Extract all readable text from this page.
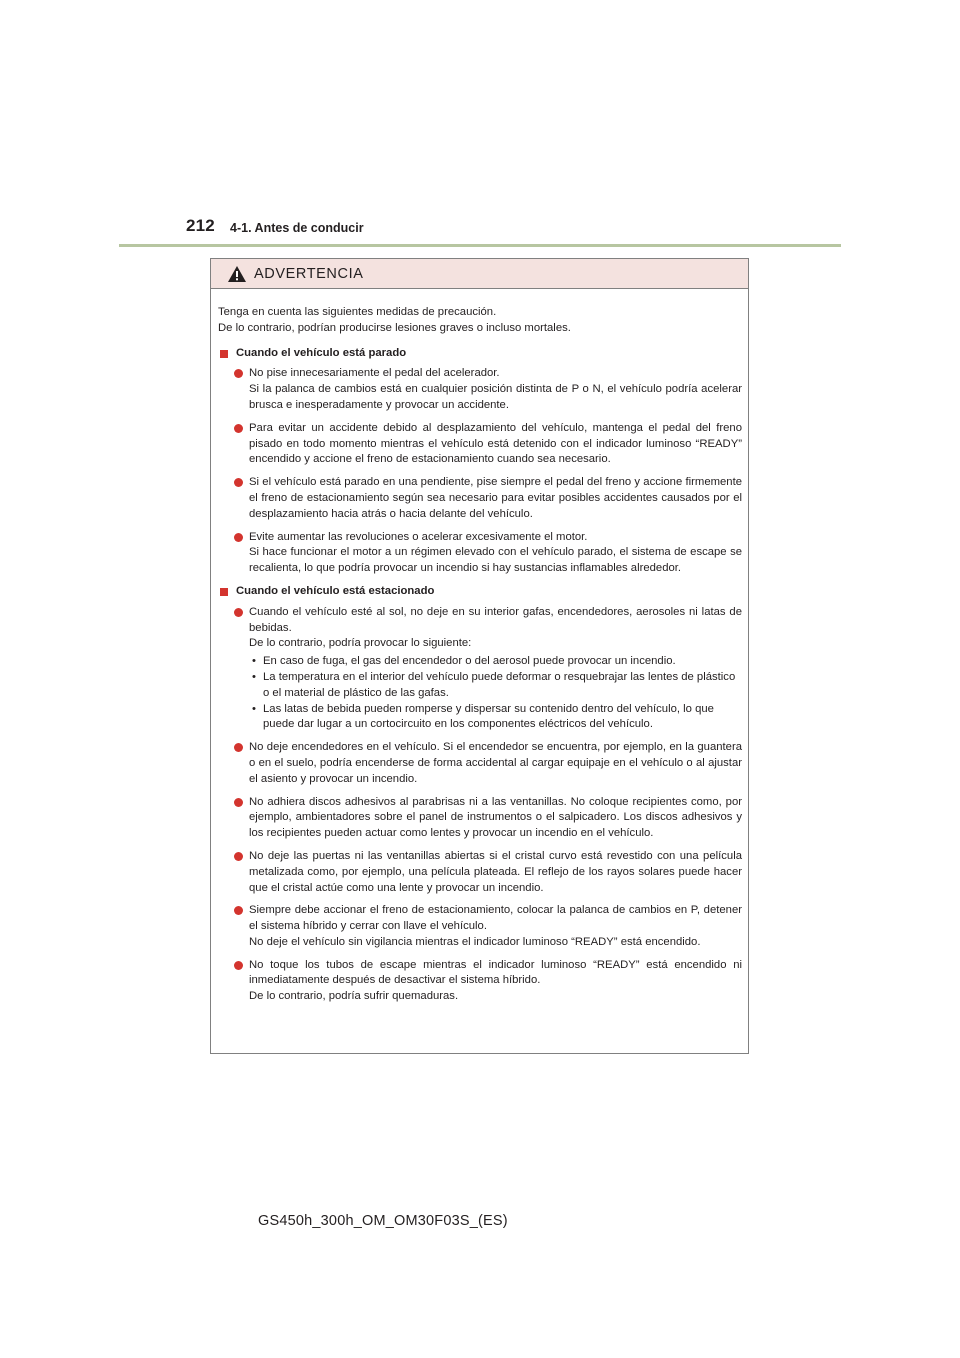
212 4-1. Antes de conducir
ADVERTENCIA

Tenga en cuenta las siguientes medidas de precaución.

De lo contrario, podrían producirse lesiones graves o incluso mortales.

Cuando el vehículo está parado

No pise innecesariamente el pedal del acelerador.

Si la palanca de cambios está en cualquier posición distinta de P o N, el vehículo podría acelerar brusca e inesperadamente y provocar un accidente.

Para evitar un accidente debido al desplazamiento del vehículo, mantenga el pedal del freno pisado en todo momento mientras el vehículo está detenido con el indicador luminoso “READY” encendido y accione el freno de estacionamiento cuando sea necesario.

Si el vehículo está parado en una pendiente, pise siempre el pedal del freno y accione firmemente el freno de estacionamiento según sea necesario para evitar posibles accidentes causados por el desplazamiento hacia atrás o hacia delante del vehículo.

Evite aumentar las revoluciones o acelerar excesivamente el motor.

Si hace funcionar el motor a un régimen elevado con el vehículo parado, el sistema de escape se recalienta, lo que podría provocar un incendio si hay sustancias inflamables alrededor.

Cuando el vehículo está estacionado

Cuando el vehículo esté al sol, no deje en su interior gafas, encendedores, aerosoles ni latas de bebidas.

De lo contrario, podría provocar lo siguiente:

• En caso de fuga, el gas del encendedor o del aerosol puede provocar un incendio.
• La temperatura en el interior del vehículo puede deformar o resquebrajar las lentes de plástico o el material de plástico de las gafas.
• Las latas de bebida pueden romperse y dispersar su contenido dentro del vehículo, lo que puede dar lugar a un cortocircuito en los componentes eléctricos del vehículo.

No deje encendedores en el vehículo. Si el encendedor se encuentra, por ejemplo, en la guantera o en el suelo, podría encenderse de forma accidental al cargar equipaje en el vehículo o al ajustar el asiento y provocar un incendio.

No adhiera discos adhesivos al parabrisas ni a las ventanillas. No coloque recipientes como, por ejemplo, ambientadores sobre el panel de instrumentos o el salpicadero. Los discos adhesivos y los recipientes pueden actuar como lentes y provocar un incendio en el vehículo.

No deje las puertas ni las ventanillas abiertas si el cristal curvo está revestido con una película metalizada como, por ejemplo, una película plateada. El reflejo de los rayos solares puede hacer que el cristal actúe como una lente y provocar un incendio.

Siempre debe accionar el freno de estacionamiento, colocar la palanca de cambios en P, detener el sistema híbrido y cerrar con llave el vehículo.

No deje el vehículo sin vigilancia mientras el indicador luminoso “READY” está encendido.

No toque los tubos de escape mientras el indicador luminoso “READY” está encendido ni inmediatamente después de desactivar el sistema híbrido.

De lo contrario, podría sufrir quemaduras.

GS450h_300h_OM_OM30F03S_(ES)
